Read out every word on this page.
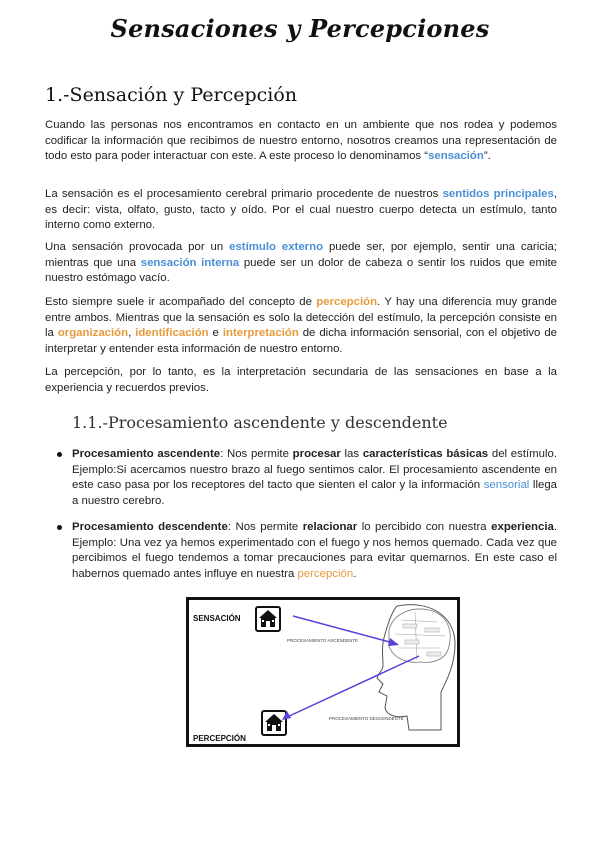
Sensaciones y Percepciones
1.-Sensación y Percepción

Cuando las personas nos encontramos en contacto en un ambiente que nos rodea y podemos codificar la información que recibimos de nuestro entorno, nosotros creamos una representación de todo esto para poder interactuar con este. A este proceso lo denominamos “sensación”.

La sensación es el procesamiento cerebral primario procedente de nuestros sentidos principales, es decir: vista, olfato, gusto, tacto y oído. Por el cual nuestro cuerpo detecta un estímulo, tanto interno como externo.

Una sensación provocada por un estímulo externo puede ser, por ejemplo, sentir una caricia; mientras que una sensación interna puede ser un dolor de cabeza o sentir los ruidos que emite nuestro estómago vacío.

Esto siempre suele ir acompañado del concepto de percepción. Y hay una diferencia muy grande entre ambos. Mientras que la sensación es solo la detección del estímulo, la percepción consiste en la organización, identificación e interpretación de dicha información sensorial, con el objetivo de interpretar y entender esta información de nuestro entorno.

La percepción, por lo tanto, es la interpretación secundaria de las sensaciones en base a la experiencia y recuerdos previos.

1.1.-Procesamiento ascendente y descendente

Procesamiento ascendente: Nos permite procesar las características básicas del estímulo. Ejemplo:Si acercamos nuestro brazo al fuego sentimos calor. El procesamiento ascendente en este caso pasa por los receptores del tacto que sienten el calor y la información sensorial llega a nuestro cerebro.

Procesamiento descendente: Nos permite relacionar lo percibido con nuestra experiencia. Ejemplo: Una vez ya hemos experimentado con el fuego y nos hemos quemado. Cada vez que percibimos el fuego tendemos a tomar precauciones para evitar quemarnos. En este caso el habernos quemado antes influye en nuestra percepción.

SENSACIÓN
PERCEPCIÓN
PROCESAMIENTO ASCENDENTE
PROCESAMIENTO DESCENDENTE
